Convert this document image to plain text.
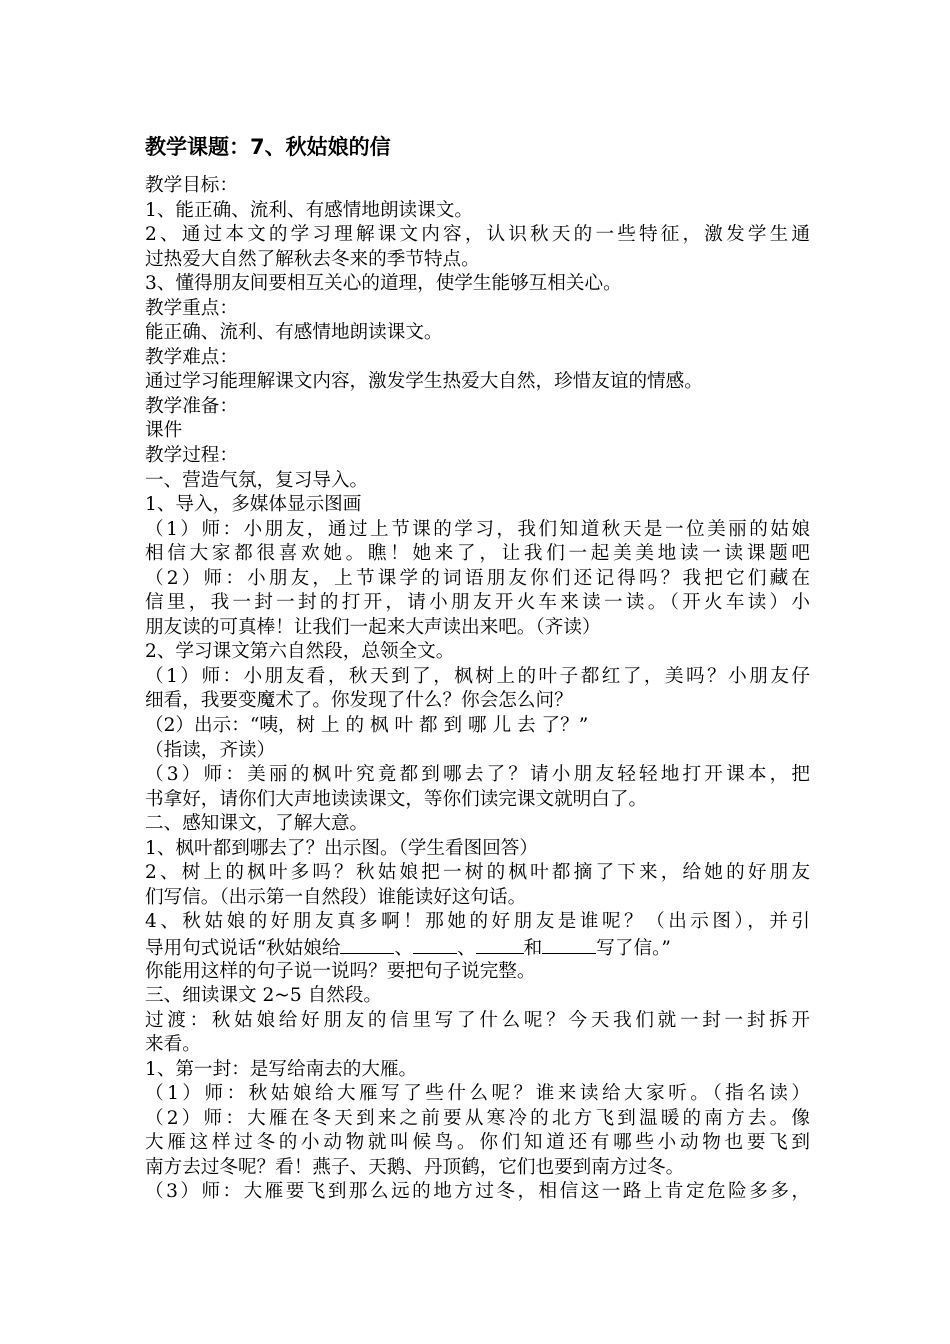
教学课题：7、秋姑娘的信
教学目标：
1、能正确、流利、有感情地朗读课文。
2、通过本文的学习理解课文内容，认识秋天的一些特征，激发学生通
过热爱大自然了解秋去冬来的季节特点。
3、懂得朋友间要相互关心的道理，使学生能够互相关心。
教学重点：
能正确、流利、有感情地朗读课文。
教学难点：
通过学习能理解课文内容，激发学生热爱大自然，珍惜友谊的情感。
教学准备：
课件
教学过程：
一、营造气氛，复习导入。
1、导入，多媒体显示图画
（1）师：小朋友，通过上节课的学习，我们知道秋天是一位美丽的姑娘
相信大家都很喜欢她。瞧！她来了，让我们一起美美地读一读课题吧
（2）师：小朋友，上节课学的词语朋友你们还记得吗？我把它们藏在
信里，我一封一封的打开，请小朋友开火车来读一读。（开火车读）小
朋友读的可真棒！让我们一起来大声读出来吧。（齐读）
2、学习课文第六自然段，总领全文。
（1）师：小朋友看，秋天到了，枫树上的叶子都红了，美吗？小朋友仔
细看，我要变魔术了。你发现了什么？你会怎么问？
（2）出示：“咦，树 上 的 枫 叶 都 到 哪 儿 去 了？”
（指读，齐读）
（3）师：美丽的枫叶究竟都到哪去了？请小朋友轻轻地打开课本，把
书拿好，请你们大声地读读课文，等你们读完课文就明白了。
二、感知课文，了解大意。
1、枫叶都到哪去了？出示图。（学生看图回答）
2、树上的枫叶多吗？秋姑娘把一树的枫叶都摘了下来，给她的好朋友
们写信。（出示第一自然段）谁能读好这句话。
4、秋姑娘的好朋友真多啊！那她的好朋友是谁呢？（出示图），并引
导用句式说话“秋姑娘给	、 、	和	写了信。”
你能用这样的句子说一说吗？要把句子说完整。
三、细读课文 2~5 自然段。
过渡：秋姑娘给好朋友的信里写了什么呢？今天我们就一封一封拆开
来看。
1、第一封：是写给南去的大雁。
（1）师：秋姑娘给大雁写了些什么呢？谁来读给大家听。（指名读）
（2）师：大雁在冬天到来之前要从寒冷的北方飞到温暖的南方去。像
大雁这样过冬的小动物就叫候鸟。你们知道还有哪些小动物也要飞到
南方去过冬呢？看！燕子、天鹅、丹顶鹤，它们也要到南方过冬。
（3）师：大雁要飞到那么远的地方过冬，相信这一路上肯定危险多多，
